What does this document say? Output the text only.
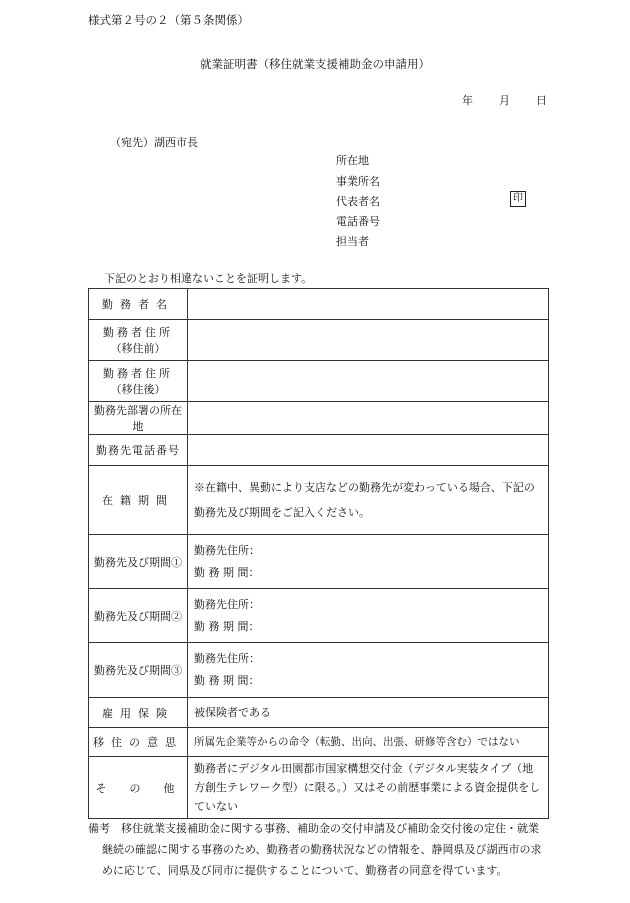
様式第２号の２（第５条関係）
就業証明書（移住就業支援補助金の申請用）
年 月 日
（宛先）湖西市長
所在地
事業所名
代表者名	印
電話番号
担当者
下記のとおり相違ないことを証明します。
勤務者名	

勤務者住所
（移住前）	

勤務者住所
（移住後）	

勤務先部署の所在地	
勤務先電話番号	
在籍期間	※在籍中、異動により支店などの勤務先が変わっている場合、下記の
勤務先及び期間をご記入ください。

勤務先及び期間①	勤務先住所：
勤 務 期 間：

勤務先及び期間②	勤務先住所：
勤 務 期 間：

勤務先及び期間③	勤務先住所：
勤 務 期 間：

雇用保険	被保険者である

移住の意思	所属先企業等からの命令（転勤、出向、出張、研修等含む）ではない

そ　の　他	勤務者にデジタル田園都市国家構想交付金（デジタル実装タイプ（地方創生テレワーク型）に限る。）又はその前歴事業による資金提供をしていない
備考　 移住就業支援補助金に関する事務、補助金の交付申請及び補助金交付後の定住・就業
継続の確認に関する事務のため、勤務者の勤務状況などの情報を、静岡県及び湖西市の求
めに応じて、同県及び同市に提供することについて、勤務者の同意を得ています。
